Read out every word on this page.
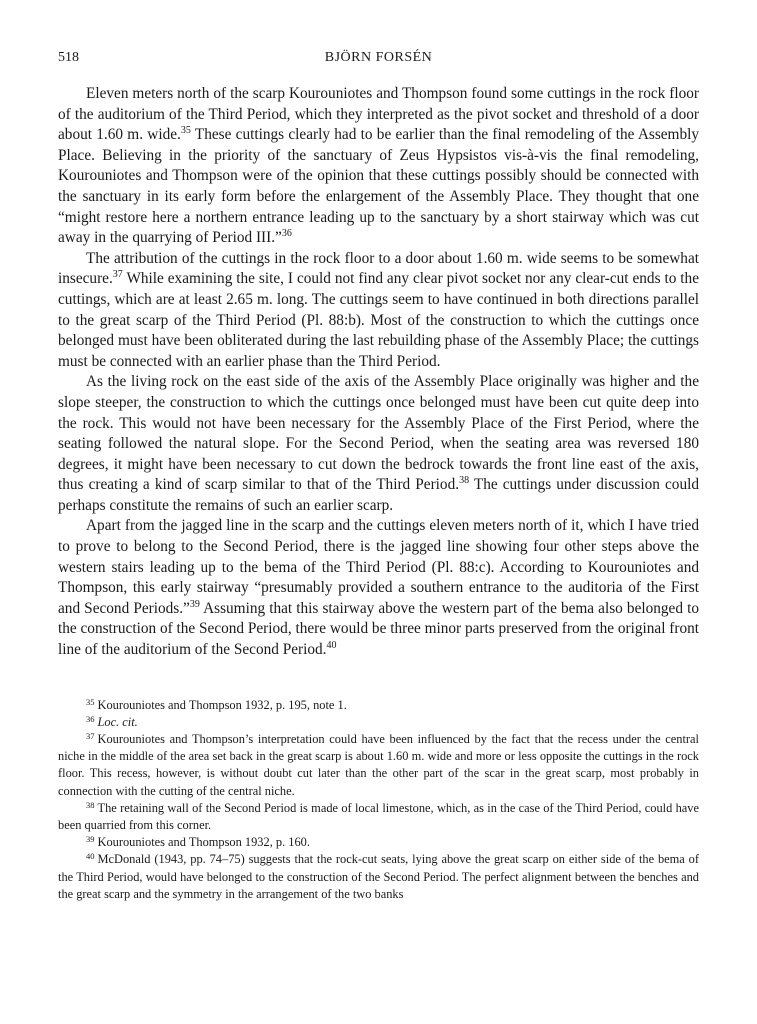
518	BJÖRN FORSÉN

Eleven meters north of the scarp Kourouniotes and Thompson found some cuttings in the rock floor of the auditorium of the Third Period, which they interpreted as the pivot socket and threshold of a door about 1.60 m. wide.$^{35}$ These cuttings clearly had to be earlier than the final remodeling of the Assembly Place. Believing in the priority of the sanctuary of Zeus Hypsistos vis-à-vis the final remodeling, Kourouniotes and Thompson were of the opinion that these cuttings possibly should be connected with the sanctuary in its early form before the enlargement of the Assembly Place. They thought that one “might restore here a northern entrance leading up to the sanctuary by a short stairway which was cut away in the quarrying of Period III.”$^{36}$

The attribution of the cuttings in the rock floor to a door about 1.60 m. wide seems to be somewhat insecure.$^{37}$ While examining the site, I could not find any clear pivot socket nor any clear-cut ends to the cuttings, which are at least 2.65 m. long. The cuttings seem to have continued in both directions parallel to the great scarp of the Third Period (Pl. 88:b). Most of the construction to which the cuttings once belonged must have been obliterated during the last rebuilding phase of the Assembly Place; the cuttings must be connected with an earlier phase than the Third Period.

As the living rock on the east side of the axis of the Assembly Place originally was higher and the slope steeper, the construction to which the cuttings once belonged must have been cut quite deep into the rock. This would not have been necessary for the Assembly Place of the First Period, where the seating followed the natural slope. For the Second Period, when the seating area was reversed 180 degrees, it might have been necessary to cut down the bedrock towards the front line east of the axis, thus creating a kind of scarp similar to that of the Third Period.$^{38}$ The cuttings under discussion could perhaps constitute the remains of such an earlier scarp.

Apart from the jagged line in the scarp and the cuttings eleven meters north of it, which I have tried to prove to belong to the Second Period, there is the jagged line showing four other steps above the western stairs leading up to the bema of the Third Period (Pl. 88:c). According to Kourouniotes and Thompson, this early stairway “presumably provided a southern entrance to the auditoria of the First and Second Periods.”$^{39}$ Assuming that this stairway above the western part of the bema also belonged to the construction of the Second Period, there would be three minor parts preserved from the original front line of the auditorium of the Second Period.$^{40}$

$^{35}$ Kourouniotes and Thompson 1932, p. 195, note 1.

$^{36}$ Loc. cit.

$^{37}$ Kourouniotes and Thompson’s interpretation could have been influenced by the fact that the recess under the central niche in the middle of the area set back in the great scarp is about 1.60 m. wide and more or less opposite the cuttings in the rock floor. This recess, however, is without doubt cut later than the other part of the scar in the great scarp, most probably in connection with the cutting of the central niche.

$^{38}$ The retaining wall of the Second Period is made of local limestone, which, as in the case of the Third Period, could have been quarried from this corner.

$^{39}$ Kourouniotes and Thompson 1932, p. 160.

$^{40}$ McDonald (1943, pp. 74–75) suggests that the rock-cut seats, lying above the great scarp on either side of the bema of the Third Period, would have belonged to the construction of the Second Period. The perfect alignment between the benches and the great scarp and the symmetry in the arrangement of the two banks
